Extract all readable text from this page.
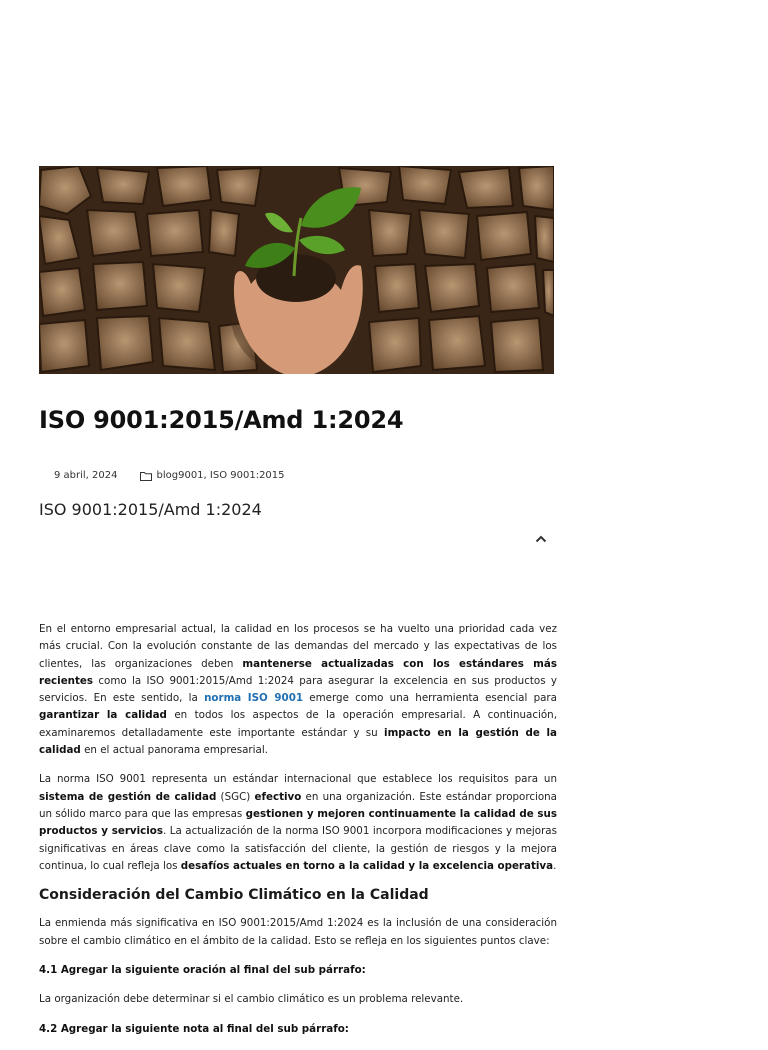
ISO 9001:2015/Amd 1:2024
9 abril, 2024	blog9001, ISO 9001:2015
ISO 9001:2015/Amd 1:2024

En el entorno empresarial actual, la calidad en los procesos se ha vuelto una prioridad cada vez más crucial. Con la evolución constante de las demandas del mercado y las expectativas de los clientes, las organizaciones deben mantenerse actualizadas con los estándares más recientes como la ISO 9001:2015/Amd 1:2024 para asegurar la excelencia en sus productos y servicios. En este sentido, la norma ISO 9001 emerge como una herramienta esencial para garantizar la calidad en todos los aspectos de la operación empresarial. A continuación, examinaremos detalladamente este importante estándar y su impacto en la gestión de la calidad en el actual panorama empresarial.

La norma ISO 9001 representa un estándar internacional que establece los requisitos para un sistema de gestión de calidad (SGC) efectivo en una organización. Este estándar proporciona un sólido marco para que las empresas gestionen y mejoren continuamente la calidad de sus productos y servicios. La actualización de la norma ISO 9001 incorpora modificaciones y mejoras significativas en áreas clave como la satisfacción del cliente, la gestión de riesgos y la mejora continua, lo cual refleja los desafíos actuales en torno a la calidad y la excelencia operativa.

Consideración del Cambio Climático en la Calidad

La enmienda más significativa en ISO 9001:2015/Amd 1:2024 es la inclusión de una consideración sobre el cambio climático en el ámbito de la calidad. Esto se refleja en los siguientes puntos clave:

4.1 Agregar la siguiente oración al final del sub párrafo:

La organización debe determinar si el cambio climático es un problema relevante.

4.2 Agregar la siguiente nota al final del sub párrafo:
